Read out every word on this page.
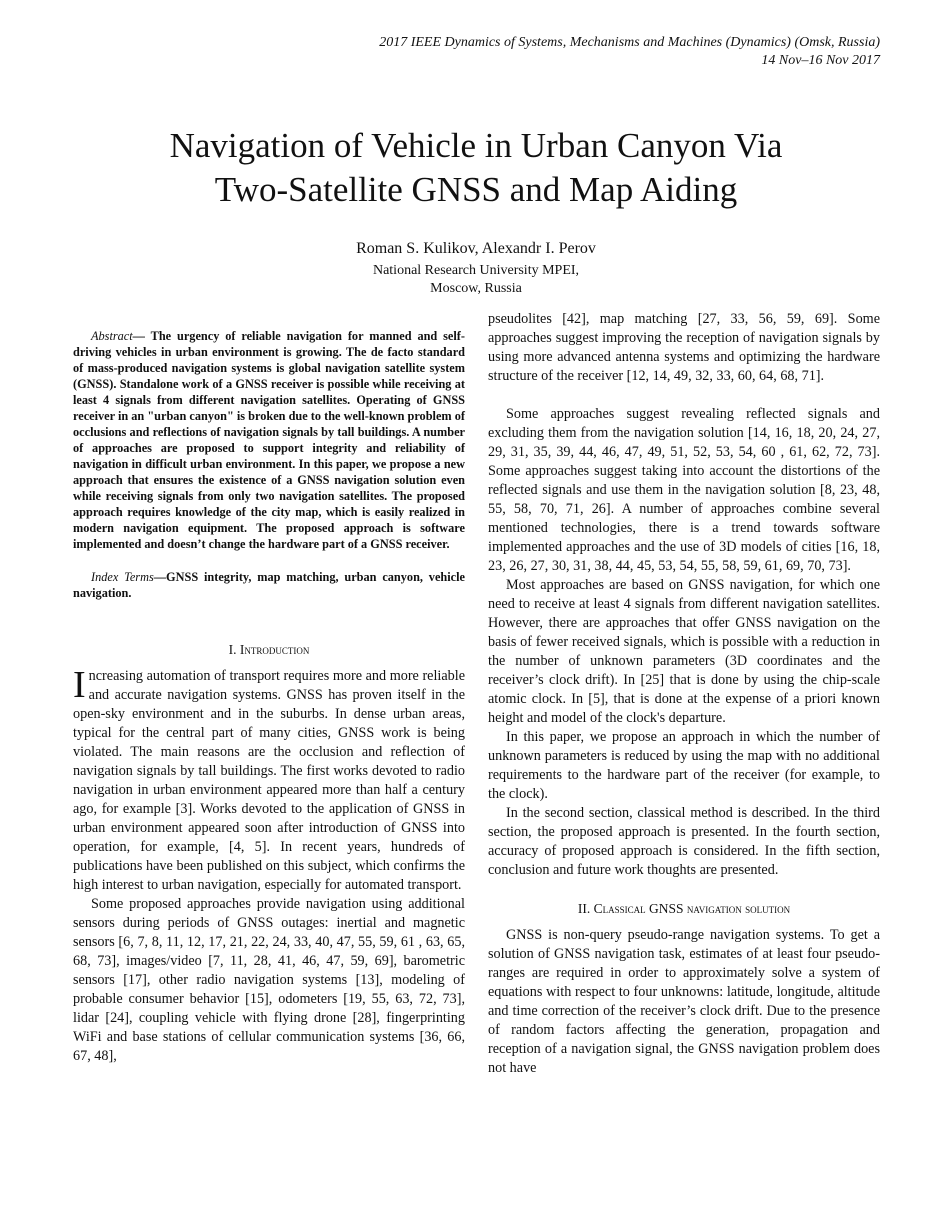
2017 IEEE Dynamics of Systems, Mechanisms and Machines (Dynamics) (Omsk, Russia)
14 Nov–16 Nov 2017
Navigation of Vehicle in Urban Canyon Via
Two-Satellite GNSS and Map Aiding
Roman S. Kulikov, Alexandr I. Perov
National Research University MPEI,
Moscow, Russia

Abstract— The urgency of reliable navigation for manned and self-driving vehicles in urban environment is growing. The de facto standard of mass-produced navigation systems is global navigation satellite system (GNSS). Standalone work of a GNSS receiver is possible while receiving at least 4 signals from different navigation satellites. Operating of GNSS receiver in an "urban canyon" is broken due to the well-known problem of occlusions and reflections of navigation signals by tall buildings. A number of approaches are proposed to support integrity and reliability of navigation in difficult urban environment. In this paper, we propose a new approach that ensures the existence of a GNSS navigation solution even while receiving signals from only two navigation satellites. The proposed approach requires knowledge of the city map, which is easily realized in modern navigation equipment. The proposed approach is software implemented and doesn’t change the hardware part of a GNSS receiver.

Index Terms—GNSS integrity, map matching, urban canyon, vehicle navigation.

I. Introduction

Increasing automation of transport requires more and more reliable and accurate navigation systems. GNSS has proven itself in the open-sky environment and in the suburbs. In dense urban areas, typical for the central part of many cities, GNSS work is being violated. The main reasons are the occlusion and reflection of navigation signals by tall buildings. The first works devoted to radio navigation in urban environment appeared more than half a century ago, for example [3]. Works devoted to the application of GNSS in urban environment appeared soon after introduction of GNSS into operation, for example, [4, 5]. In recent years, hundreds of publications have been published on this subject, which confirms the high interest to urban navigation, especially for automated transport.

Some proposed approaches provide navigation using additional sensors during periods of GNSS outages: inertial and magnetic sensors [6, 7, 8, 11, 12, 17, 21, 22, 24, 33, 40, 47, 55, 59, 61 , 63, 65, 68, 73], images/video [7, 11, 28, 41, 46, 47, 59, 69], barometric sensors [17], other radio navigation systems [13], modeling of probable consumer behavior [15], odometers [19, 55, 63, 72, 73], lidar [24], coupling vehicle with flying drone [28], fingerprinting WiFi and base stations of cellular communication systems [36, 66, 67, 48],

pseudolites [42], map matching [27, 33, 56, 59, 69]. Some approaches suggest improving the reception of navigation signals by using more advanced antenna systems and optimizing the hardware structure of the receiver [12, 14, 49, 32, 33, 60, 64, 68, 71].

Some approaches suggest revealing reflected signals and excluding them from the navigation solution [14, 16, 18, 20, 24, 27, 29, 31, 35, 39, 44, 46, 47, 49, 51, 52, 53, 54, 60 , 61, 62, 72, 73]. Some approaches suggest taking into account the distortions of the reflected signals and use them in the navigation solution [8, 23, 48, 55, 58, 70, 71, 26]. A number of approaches combine several mentioned technologies, there is a trend towards software implemented approaches and the use of 3D models of cities [16, 18, 23, 26, 27, 30, 31, 38, 44, 45, 53, 54, 55, 58, 59, 61, 69, 70, 73].

Most approaches are based on GNSS navigation, for which one need to receive at least 4 signals from different navigation satellites. However, there are approaches that offer GNSS navigation on the basis of fewer received signals, which is possible with a reduction in the number of unknown parameters (3D coordinates and the receiver’s clock drift). In [25] that is done by using the chip-scale atomic clock. In [5], that is done at the expense of a priori known height and model of the clock's departure.

In this paper, we propose an approach in which the number of unknown parameters is reduced by using the map with no additional requirements to the hardware part of the receiver (for example, to the clock).

In the second section, classical method is described. In the third section, the proposed approach is presented. In the fourth section, accuracy of proposed approach is considered. In the fifth section, conclusion and future work thoughts are presented.

II. Classical GNSS navigation solution

GNSS is non-query pseudo-range navigation systems. To get a solution of GNSS navigation task, estimates of at least four pseudo-ranges are required in order to approximately solve a system of equations with respect to four unknowns: latitude, longitude, altitude and time correction of the receiver’s clock drift. Due to the presence of random factors affecting the generation, propagation and reception of a navigation signal, the GNSS navigation problem does not have
